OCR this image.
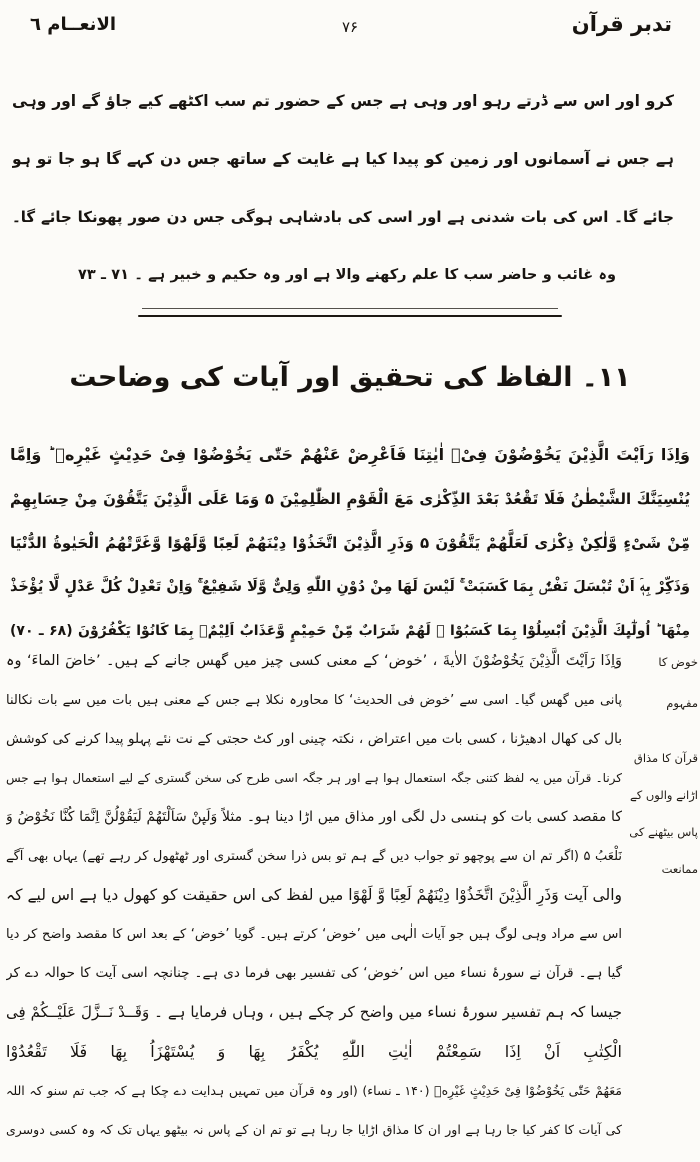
تدبر قرآن
۷۶
الانعــام ٦
کرو اور اس سے ڈرتے رہو اور وہی ہے جس کے حضور تم سب اکٹھے کیے جاؤ گے اور وہی
ہے جس نے آسمانوں اور زمین کو پیدا کیا ہے غایت کے ساتھ جس دن کہے گا ہو جا تو ہو
جائے گا۔ اس کی بات شدنی ہے اور اسی کی بادشاہی ہوگی جس دن صور پھونکا جائے گا۔
وہ غائب و حاضر سب کا علم رکھنے والا ہے اور وہ حکیم و خبیر ہے ۔ ۷۱ ـ ۷۳
۱۱۔ الفاظ کی تحقیق اور آیات کی وضاحت
وَاِذَا رَاَیْتَ الَّذِیْنَ یَخُوْضُوْنَ فِیْۤ اٰیٰتِنَا فَاَعْرِضْ عَنْهُمْ حَتّٰی یَخُوْضُوْا فِیْ حَدِیْثٍ غَیْرِهٖ ؕ وَاِمَّا
یُنْسِیَنَّكَ الشَّیْطٰنُ فَلَا تَقْعُدْ بَعْدَ الذِّكْرٰی مَعَ الْقَوْمِ الظّٰلِمِیْنَ ۵ وَمَا عَلَی الَّذِیْنَ یَتَّقُوْنَ مِنْ حِسَابِهِمْ
مِّنْ شَیْءٍ وَّلٰكِنْ ذِكْرٰی لَعَلَّهُمْ یَتَّقُوْنَ ۵ وَذَرِ الَّذِیْنَ اتَّخَذُوْا دِیْنَهُمْ لَعِبًا وَّلَهْوًا وَّغَرَّتْهُمُ الْحَیٰوةُ الدُّنْیَا
وَذَكِّرْ بِهٖۤ اَنْ تُبْسَلَ نَفْسٌۢ بِمَا كَسَبَتْ ۚ لَیْسَ لَهَا مِنْ دُوْنِ اللّٰهِ وَلِیٌّ وَّلَا شَفِیْعٌ ۚ وَاِنْ تَعْدِلْ كُلَّ عَدْلٍ لَّا یُؤْخَذْ
مِنْهَا ؕ اُولٰٓىِٕكَ الَّذِیْنَ اُبْسِلُوْا بِمَا كَسَبُوْا ۚ لَهُمْ شَرَابٌ مِّنْ حَمِیْمٍ وَّعَذَابٌ اَلِیْمٌۢ بِمَا كَانُوْا یَكْفُرُوْنَ (۶۸ ـ ۷۰)
وَاِذَا رَاَیْتَ الَّذِیْنَ یَخُوْضُوْنَ الاٰیةَ ، ’خوض‘ کے معنی کسی چیز میں گھس جانے کے ہیں۔ ’خاضَ الماءَ‘ وہ
پانی میں گھس گیا۔ اسی سے ’خوض فی الحدیث‘ کا محاورہ نکلا ہے جس کے معنی ہیں بات میں سے بات نکالنا
بال کی کھال ادھیڑنا ، کسی بات میں اعتراض ، نکتہ چینی اور کٹ حجتی کے نت نئے پہلو پیدا کرنے کی کوشش
کرنا۔ قرآن میں یہ لفظ کتنی جگہ استعمال ہوا ہے اور ہر جگہ اسی طرح کی سخن گستری کے لیے استعمال ہوا ہے جس
کا مقصد کسی بات کو ہنسی دل لگی اور مذاق میں اڑا دینا ہو۔ مثلاً وَلَىِٕنْ سَاَلْتَهُمْ لَیَقُوْلُنَّ اِنَّمَا كُنَّا نَخُوْضُ وَ
نَلْعَبُ ۵ (اگر تم ان سے پوچھو تو جواب دیں گے ہم تو بس ذرا سخن گستری اور ٹھٹھول کر رہے تھے) یہاں بھی آگے
والی آیت وَذَرِ الَّذِیْنَ اتَّخَذُوْا دِیْنَهُمْ لَعِبًا وَّ لَهْوًا میں لفظ کی اس حقیقت کو کھول دیا ہے اس لیے کہ
اس سے مراد وہی لوگ ہیں جو آیات الٰہی میں ’خوض‘ کرتے ہیں۔ گویا ’خوض‘ کے بعد اس کا مقصد واضح کر دیا
گیا ہے۔ قرآن نے سورۂ نساء میں اس ’خوض‘ کی تفسیر بھی فرما دی ہے۔ چنانچہ اسی آیت کا حوالہ دے کر
جیسا کہ ہم تفسیر سورۂ نساء میں واضح کر چکے ہیں ، وہاں فرمایا ہے ۔ وَقَــدْ نَــزَّلَ عَلَیْــكُمْ فِی
الْكِتٰبِ اَنْ اِذَا سَمِعْتُمْ اٰیٰتِ اللّٰهِ یُكْفَرُ بِهَا وَ یُسْتَهْزَاُ بِهَا فَلَا تَقْعُدُوْا
مَعَهُمْ حَتّٰی یَخُوْضُوْا فِیْ حَدِیْثٍ غَیْرِهٖ (۱۴۰ ـ نساء) (اور وہ قرآن میں تمہیں ہدایت دے چکا ہے کہ جب تم سنو کہ اللہ
کی آیات کا کفر کیا جا رہا ہے اور ان کا مذاق اڑایا جا رہا ہے تو تم ان کے پاس نہ بیٹھو یہاں تک کہ وہ کسی دوسری
خوض کا مفہوم
قرآن کا مذاق اڑانے والوں کے پاس بیٹھنے کی ممانعت
